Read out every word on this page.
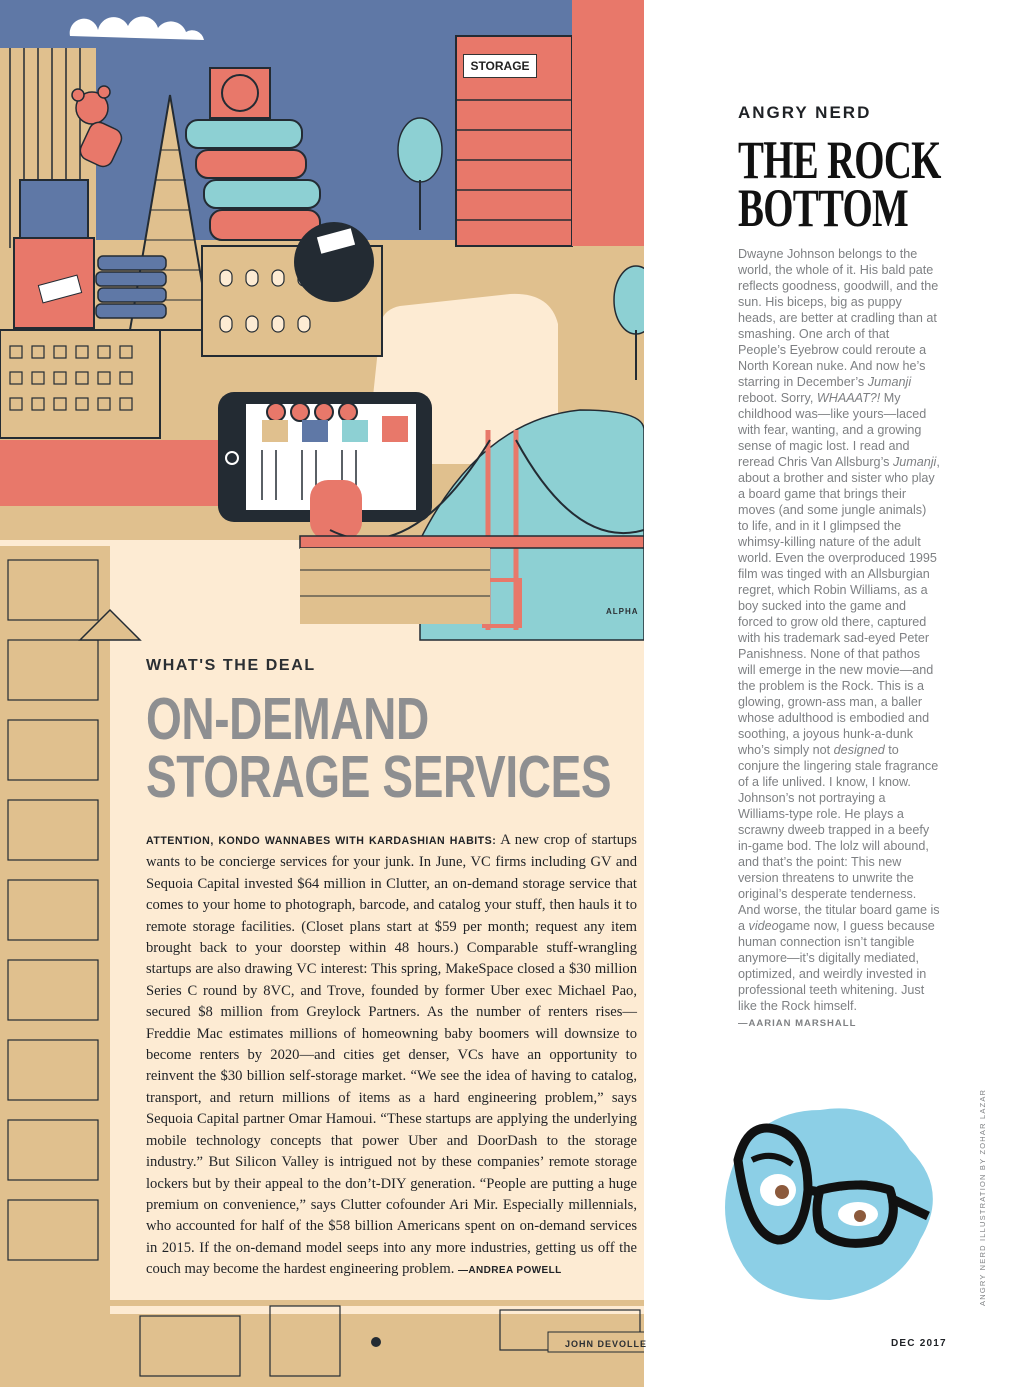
STORAGE
ALPHA
WHAT'S THE DEAL
ON-DEMAND
STORAGE SERVICES
ATTENTION, KONDO WANNABES WITH KARDASHIAN HABITS: A new crop of startups wants to be concierge services for your junk. In June, VC firms including GV and Sequoia Capital invested $64 million in Clutter, an on-demand storage service that comes to your home to photograph, barcode, and catalog your stuff, then hauls it to remote storage facilities. (Closet plans start at $59 per month; request any item brought back to your doorstep within 48 hours.) Comparable stuff-wrangling startups are also drawing VC interest: This spring, MakeSpace closed a $30 million Series C round by 8VC, and Trove, founded by former Uber exec Michael Pao, secured $8 million from Greylock Partners. As the number of renters rises—Freddie Mac estimates millions of homeowning baby boomers will downsize to become renters by 2020—and cities get denser, VCs have an opportunity to reinvent the $30 billion self-storage market. “We see the idea of having to catalog, transport, and return millions of items as a hard engineering problem,” says Sequoia Capital partner Omar Hamoui. “These startups are applying the underlying mobile technology concepts that power Uber and DoorDash to the storage industry.” But Silicon Valley is intrigued not by these companies’ remote storage lockers but by their appeal to the don’t-DIY generation. “People are putting a huge premium on convenience,” says Clutter cofounder Ari Mir. Especially millennials, who accounted for half of the $58 billion Americans spent on on-demand services in 2015. If the on-demand model seeps into any more industries, getting us off the couch may become the hardest engineering problem. —ANDREA POWELL
JOHN DEVOLLE
ANGRY NERD
THE ROCK
BOTTOM
Dwayne Johnson belongs to the world, the whole of it. His bald pate reflects goodness, goodwill, and the sun. His biceps, big as puppy heads, are better at cradling than at smashing. One arch of that People’s Eyebrow could reroute a North Korean nuke. And now he’s starring in December’s Jumanji reboot. Sorry, WHAAAT?! My childhood was—like yours—laced with fear, wanting, and a growing sense of magic lost. I read and reread Chris Van Allsburg’s Jumanji, about a brother and sister who play a board game that brings their moves (and some jungle animals) to life, and in it I glimpsed the whimsy-killing nature of the adult world. Even the overproduced 1995 film was tinged with an Allsburgian regret, which Robin Williams, as a boy sucked into the game and forced to grow old there, captured with his trademark sad-eyed Peter Panishness. None of that pathos will emerge in the new movie—and the problem is the Rock. This is a glowing, grown-ass man, a baller whose adulthood is embodied and soothing, a joyous hunk-a-dunk who’s simply not designed to conjure the lingering stale fragrance of a life unlived. I know, I know. Johnson’s not portraying a Williams-type role. He plays a scrawny dweeb trapped in a beefy in-game bod. The lolz will abound, and that’s the point: This new version threatens to unwrite the original’s desperate tenderness. And worse, the titular board game is a videogame now, I guess because human connection isn’t tangible anymore—it’s digitally mediated, optimized, and weirdly invested in professional teeth whitening. Just like the Rock himself.
—AARIAN MARSHALL
ANGRY NERD ILLUSTRATION BY ZOHAR LAZAR
DEC 2017
